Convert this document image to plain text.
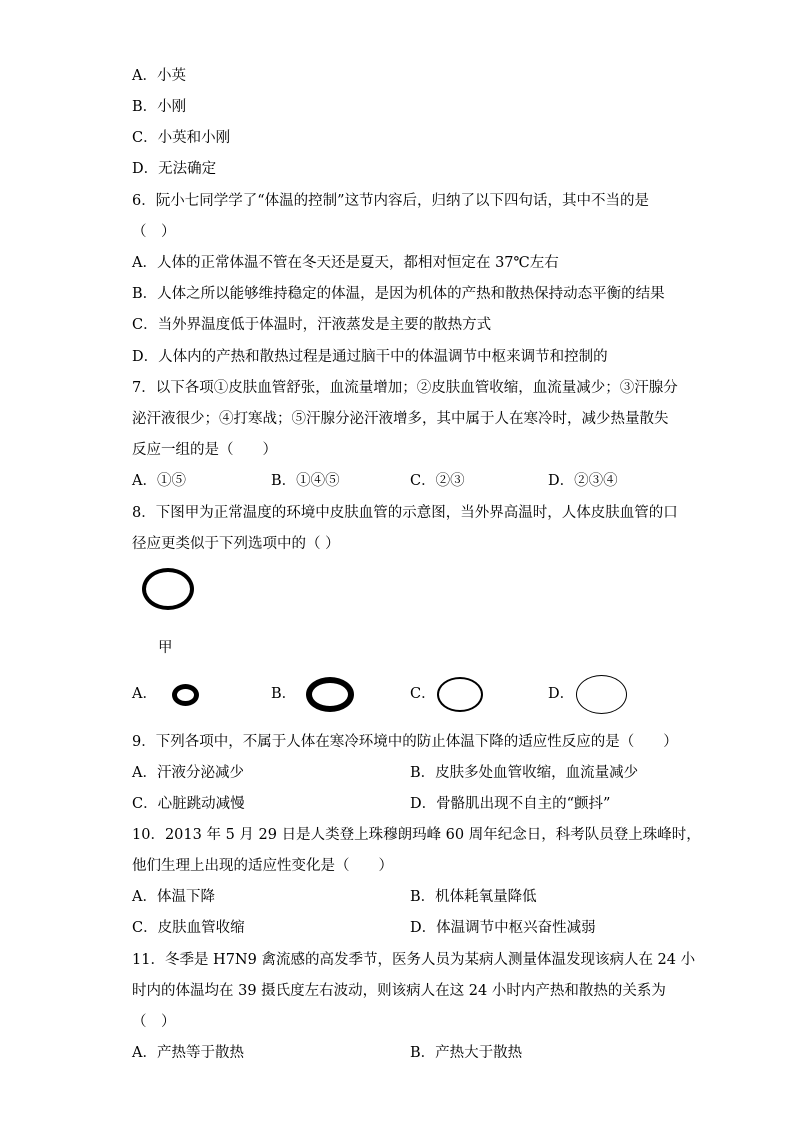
A．小英
B．小刚
C．小英和小刚
D．无法确定
6．阮小七同学学了“体温的控制”这节内容后，归纳了以下四句话，其中不当的是
（　）
A．人体的正常体温不管在冬天还是夏天，都相对恒定在 37℃左右
B．人体之所以能够维持稳定的体温，是因为机体的产热和散热保持动态平衡的结果
C．当外界温度低于体温时，汗液蒸发是主要的散热方式
D．人体内的产热和散热过程是通过脑干中的体温调节中枢来调节和控制的
7．以下各项①皮肤血管舒张，血流量增加；②皮肤血管收缩，血流量减少；③汗腺分
泌汗液很少；④打寒战；⑤汗腺分泌汗液增多，其中属于人在寒冷时，减少热量散失
反应一组的是（　　）
A．①⑤	B．①④⑤	C．②③	D．②③④
8．下图甲为正常温度的环境中皮肤血管的示意图，当外界高温时，人体皮肤血管的口
径应更类似于下列选项中的（ ）
甲
A．	B．	C．	D．
9．下列各项中，不属于人体在寒冷环境中的防止体温下降的适应性反应的是（　　）
A．汗液分泌减少	B．皮肤多处血管收缩，血流量减少
C．心脏跳动减慢	D．骨骼肌出现不自主的“颤抖”
10．2013 年 5 月 29 日是人类登上珠穆朗玛峰 60 周年纪念日，科考队员登上珠峰时，
他们生理上出现的适应性变化是（　　）
A．体温下降	B．机体耗氧量降低
C．皮肤血管收缩	D．体温调节中枢兴奋性减弱
11．冬季是 H7N9 禽流感的高发季节，医务人员为某病人测量体温发现该病人在 24 小
时内的体温均在 39 摄氏度左右波动，则该病人在这 24 小时内产热和散热的关系为
（　）
A．产热等于散热	B．产热大于散热
